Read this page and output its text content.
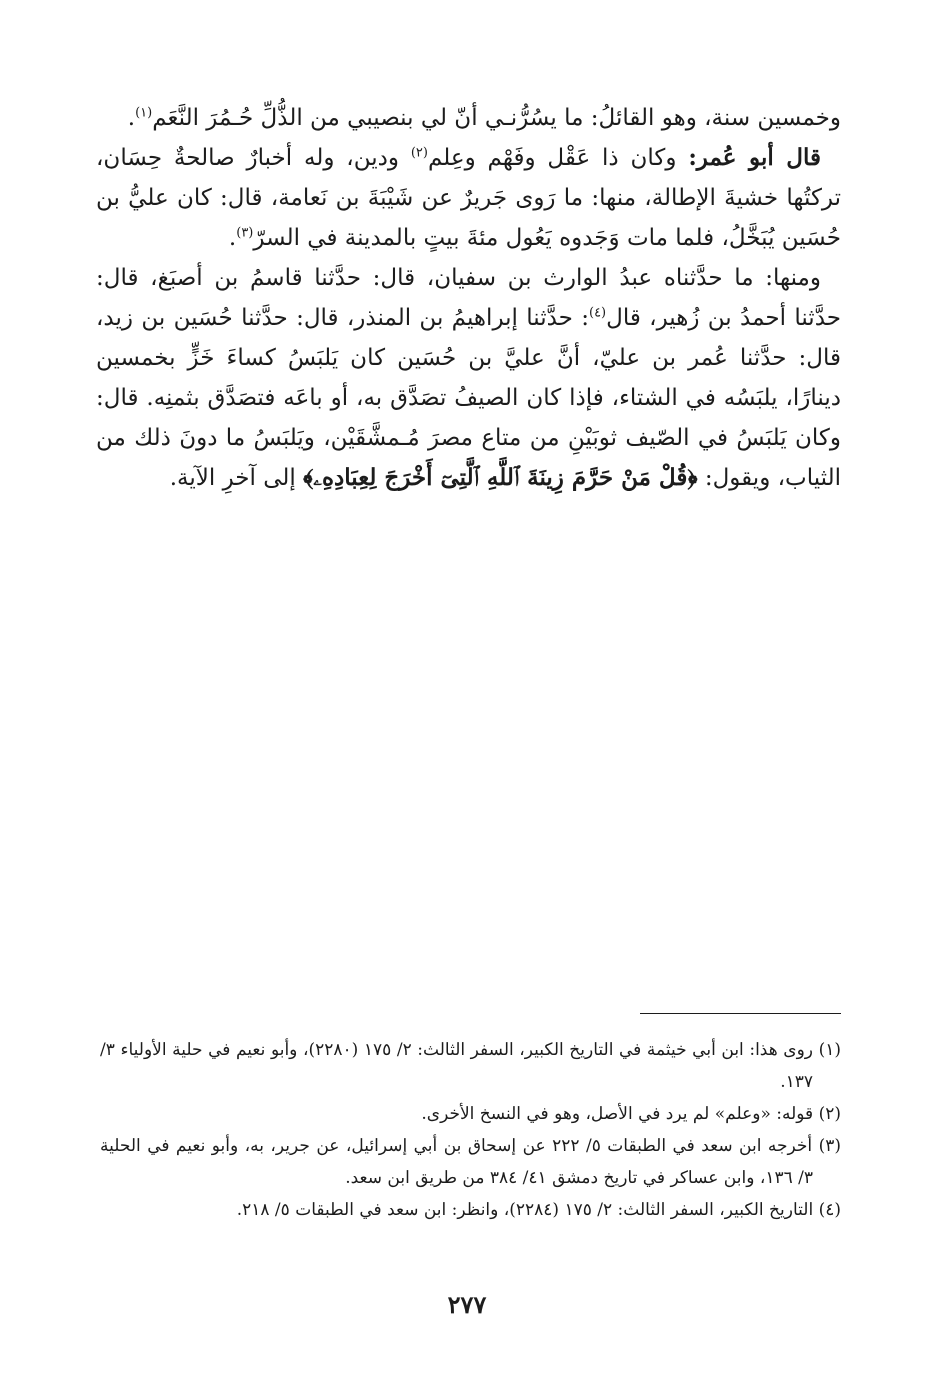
وخمسين سنة، وهو القائلُ: ما يسُرُّنـي أنّ لي بنصيبي من الذُّلِّ حُـمُرَ النَّعَم$^{(١)}$.

قال أبو عُمر: وكان ذا عَقْل وفَهْم وعِلم$^{(٢)}$ ودين، وله أخبارٌ صالحةٌ حِسَان، تركتُها خشيةَ الإطالة، منها: ما رَوى جَريرٌ عن شَيْبَةَ بن نَعامة، قال: كان عليُّ بن حُسَين يُبَخَّلُ، فلما مات وَجَدوه يَعُول مئةَ بيتٍ بالمدينة في السرّ$^{(٣)}$.

ومنها: ما حدَّثناه عبدُ الوارث بن سفيان، قال: حدَّثنا قاسمُ بن أصبَغ، قال: حدَّثنا أحمدُ بن زُهير، قال$^{(٤)}$: حدَّثنا إبراهيمُ بن المنذر، قال: حدَّثنا حُسَين بن زيد، قال: حدَّثنا عُمر بن عليّ، أنَّ عليَّ بن حُسَين كان يَلبَسُ كساءَ خَزٍّ بخمسين دينارًا، يلبَسُه في الشتاء، فإذا كان الصيفُ تصَدَّق به، أو باعَه فتصَدَّق بثمنِه. قال: وكان يَلبَسُ في الصّيف ثوبَيْنِ من متاع مصرَ مُـمشَّقَيْن، ويَلبَسُ ما دونَ ذلك من الثياب، ويقول: ﴿قُلْ مَنْ حَرَّمَ زِينَةَ ٱللَّهِ ٱلَّتِىٓ أَخْرَجَ لِعِبَادِهِۦ﴾ إلى آخرِ الآية.

(١) روى هذا: ابن أبي خيثمة في التاريخ الكبير، السفر الثالث: ٢/ ١٧٥ (٢٢٨٠)، وأبو نعيم في حلية الأولياء ٣/ ١٣٧.

(٢) قوله: «وعلم» لم يرد في الأصل، وهو في النسخ الأخرى.

(٣) أخرجه ابن سعد في الطبقات ٥/ ٢٢٢ عن إسحاق بن أبي إسرائيل، عن جرير، به، وأبو نعيم في الحلية ٣/ ١٣٦، وابن عساكر في تاريخ دمشق ٤١/ ٣٨٤ من طريق ابن سعد.

(٤) التاريخ الكبير، السفر الثالث: ٢/ ١٧٥ (٢٢٨٤)، وانظر: ابن سعد في الطبقات ٥/ ٢١٨.

٢٧٧
